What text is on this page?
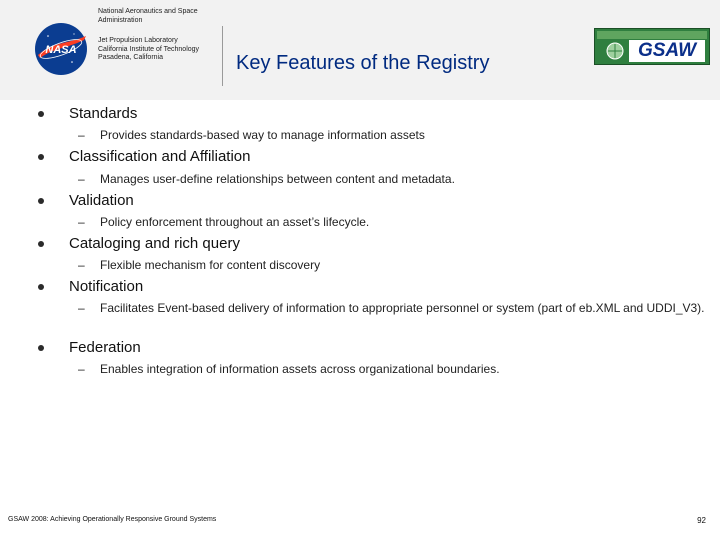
NASA
National Aeronautics and Space Administration
Jet Propulsion Laboratory
California Institute of Technology
Pasadena, California	Key Features of the Registry
GSAW
Standards
– Provides standards-based way to manage information assets
Classification and Affiliation
– Manages user-define relationships between content and metadata.
Validation
– Policy enforcement throughout an asset’s lifecycle.
Cataloging and rich query
– Flexible mechanism for content discovery
Notification
– Facilitates Event-based delivery of information to appropriate personnel or system (part of eb.XML and UDDI_V3).
Federation
– Enables integration of information assets across organizational boundaries.
GSAW 2008: Achieving Operationally Responsive Ground Systems	92
